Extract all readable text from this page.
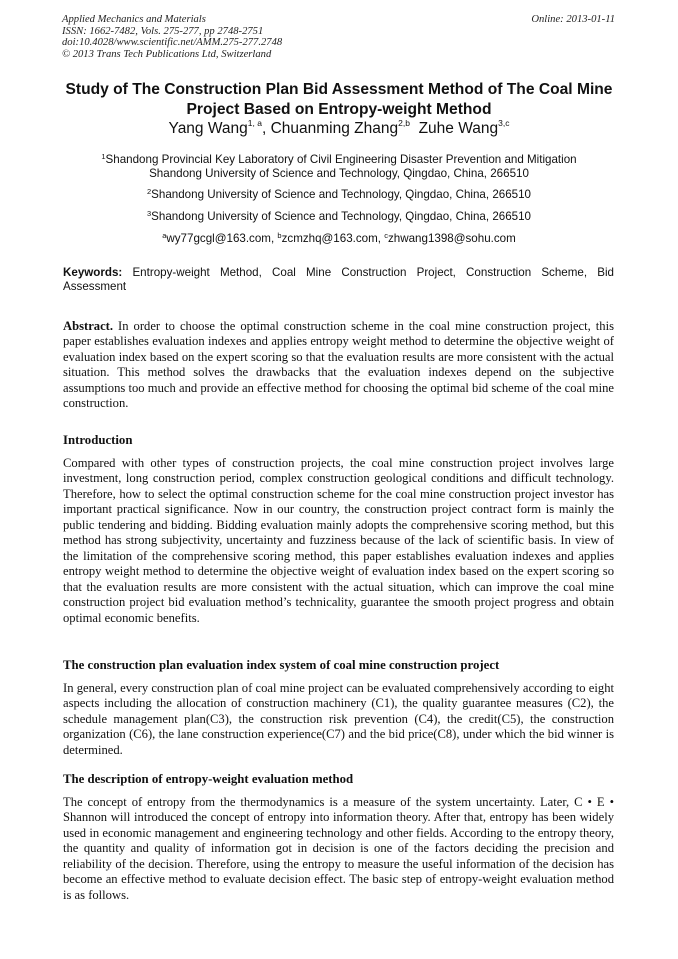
Applied Mechanics and Materials
ISSN: 1662-7482, Vols. 275-277, pp 2748-2751
doi:10.4028/www.scientific.net/AMM.275-277.2748
© 2013 Trans Tech Publications Ltd, Switzerland
Online: 2013-01-11
Study of The Construction Plan Bid Assessment Method of The Coal Mine Project Based on Entropy-weight Method
Yang Wang$^{1, a}$, Chuanming Zhang$^{2,b}$ Zuhe Wang$^{3,c}$
$^1$Shandong Provincial Key Laboratory of Civil Engineering Disaster Prevention and Mitigation
Shandong University of Science and Technology, Qingdao, China, 266510
$^2$Shandong University of Science and Technology, Qingdao, China, 266510
$^3$Shandong University of Science and Technology, Qingdao, China, 266510
$^a$wy77gcgl@163.com, $^b$zcmzhq@163.com, $^c$zhwang1398@sohu.com
Keywords: Entropy-weight Method, Coal Mine Construction Project, Construction Scheme, Bid Assessment
Abstract. In order to choose the optimal construction scheme in the coal mine construction project, this paper establishes evaluation indexes and applies entropy weight method to determine the objective weight of evaluation index based on the expert scoring so that the evaluation results are more consistent with the actual situation. This method solves the drawbacks that the evaluation indexes depend on the subjective assumptions too much and provide an effective method for choosing the optimal bid scheme of the coal mine construction.
Introduction
Compared with other types of construction projects, the coal mine construction project involves large investment, long construction period, complex construction geological conditions and difficult technology. Therefore, how to select the optimal construction scheme for the coal mine construction project investor has important practical significance. Now in our country, the construction project contract form is mainly the public tendering and bidding. Bidding evaluation mainly adopts the comprehensive scoring method, but this method has strong subjectivity, uncertainty and fuzziness because of the lack of scientific basis. In view of the limitation of the comprehensive scoring method, this paper establishes evaluation indexes and applies entropy weight method to determine the objective weight of evaluation index based on the expert scoring so that the evaluation results are more consistent with the actual situation, which can improve the coal mine construction project bid evaluation method’s technicality, guarantee the smooth project progress and obtain optimal economic benefits.
The construction plan evaluation index system of coal mine construction project
In general, every construction plan of coal mine project can be evaluated comprehensively according to eight aspects including the allocation of construction machinery (C1), the quality guarantee measures (C2), the schedule management plan(C3), the construction risk prevention (C4), the credit(C5), the construction organization (C6), the lane construction experience(C7) and the bid price(C8), under which the bid winner is determined.
The description of entropy-weight evaluation method
The concept of entropy from the thermodynamics is a measure of the system uncertainty. Later, C • E • Shannon will introduced the concept of entropy into information theory. After that, entropy has been widely used in economic management and engineering technology and other fields. According to the entropy theory, the quantity and quality of information got in decision is one of the factors deciding the precision and reliability of the decision. Therefore, using the entropy to measure the useful information of the decision has become an effective method to evaluate decision effect. The basic step of entropy-weight evaluation method is as follows.
